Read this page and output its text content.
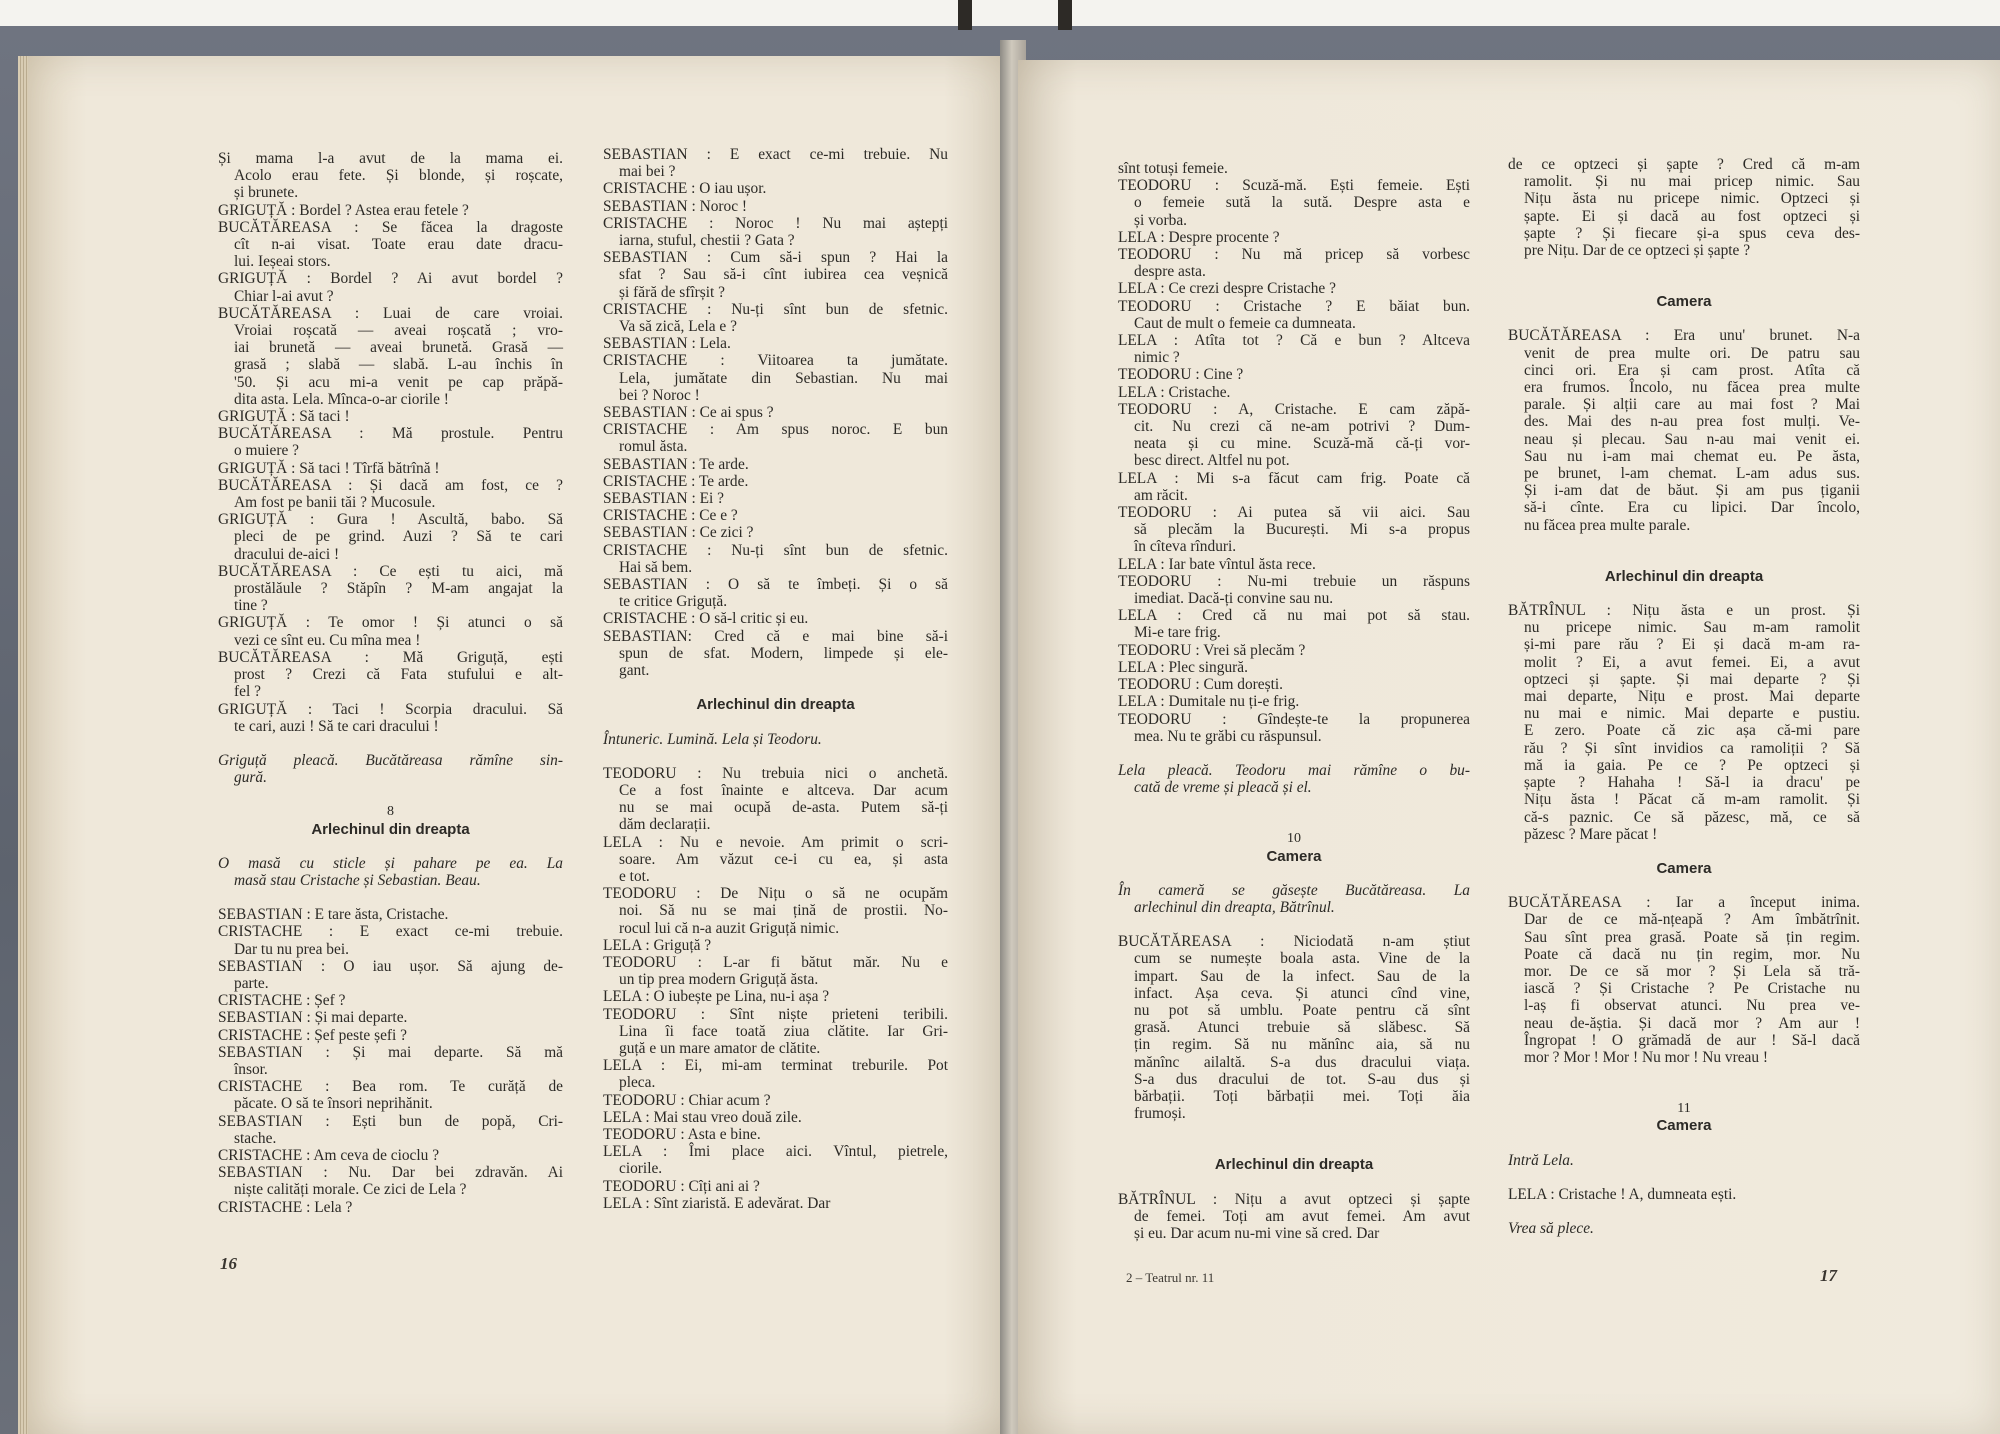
Și mama l-a avut de la mama ei.
Acolo erau fete. Și blonde, și roșcate,
și brunete.

GRIGUȚĂ : Bordel ? Astea erau fetele ?

BUCĂTĂREASA : Se făcea la dragoste
cît n-ai visat. Toate erau date dracu-
lui. Ieșeai stors.

GRIGUȚĂ : Bordel ? Ai avut bordel ?
Chiar l-ai avut ?

BUCĂTĂREASA : Luai de care vroiai.
Vroiai roșcată — aveai roșcată ; vro-
iai brunetă — aveai brunetă. Grasă —
grasă ; slabă — slabă. L-au închis în
'50. Și acu mi-a venit pe cap prăpă-
dita asta. Lela. Mînca-o-ar ciorile !

GRIGUȚĂ : Să taci !

BUCĂTĂREASA : Mă prostule. Pentru
o muiere ?

GRIGUȚĂ : Să taci ! Tîrfă bătrînă !

BUCĂTĂREASA : Și dacă am fost, ce ?
Am fost pe banii tăi ? Mucosule.

GRIGUȚĂ : Gura ! Ascultă, babo. Să
pleci de pe grind. Auzi ? Să te cari
dracului de-aici !

BUCĂTĂREASA : Ce ești tu aici, mă
prostălăule ? Stăpîn ? M-am angajat la
tine ?

GRIGUȚĂ : Te omor ! Și atunci o să
vezi ce sînt eu. Cu mîna mea !

BUCĂTĂREASA : Mă Griguță, ești
prost ? Crezi că Fata stufului e alt-
fel ?

GRIGUȚĂ : Taci ! Scorpia dracului. Să
te cari, auzi ! Să te cari dracului !

Griguță pleacă. Bucătăreasa rămîne sin-
gură.

8

Arlechinul din dreapta

O masă cu sticle și pahare pe ea. La
masă stau Cristache și Sebastian. Beau.

SEBASTIAN : E tare ăsta, Cristache.

CRISTACHE : E exact ce-mi trebuie.
Dar tu nu prea bei.

SEBASTIAN : O iau ușor. Să ajung de-
parte.

CRISTACHE : Șef ?

SEBASTIAN : Și mai departe.

CRISTACHE : Șef peste șefi ?

SEBASTIAN : Și mai departe. Să mă
însor.

CRISTACHE : Bea rom. Te curăță de
păcate. O să te însori neprihănit.

SEBASTIAN : Ești bun de popă, Cri-
stache.

CRISTACHE : Am ceva de cioclu ?

SEBASTIAN : Nu. Dar bei zdravăn. Ai
niște calități morale. Ce zici de Lela ?

CRISTACHE : Lela ?

SEBASTIAN : E exact ce-mi trebuie. Nu
mai bei ?

CRISTACHE : O iau ușor.

SEBASTIAN : Noroc !

CRISTACHE : Noroc ! Nu mai aștepți
iarna, stuful, chestii ? Gata ?

SEBASTIAN : Cum să-i spun ? Hai la
sfat ? Sau să-i cînt iubirea cea veșnică
și fără de sfîrșit ?

CRISTACHE : Nu-ți sînt bun de sfetnic.
Va să zică, Lela e ?

SEBASTIAN : Lela.

CRISTACHE : Viitoarea ta jumătate.
Lela, jumătate din Sebastian. Nu mai
bei ? Noroc !

SEBASTIAN : Ce ai spus ?

CRISTACHE : Am spus noroc. E bun
romul ăsta.

SEBASTIAN : Te arde.

CRISTACHE : Te arde.

SEBASTIAN : Ei ?

CRISTACHE : Ce e ?

SEBASTIAN : Ce zici ?

CRISTACHE : Nu-ți sînt bun de sfetnic.
Hai să bem.

SEBASTIAN : O să te îmbeți. Și o să
te critice Griguță.

CRISTACHE : O să-l critic și eu.

SEBASTIAN: Cred că e mai bine să-i
spun de sfat. Modern, limpede și ele-
gant.

Arlechinul din dreapta

Întuneric. Lumină. Lela și Teodoru.

TEODORU : Nu trebuia nici o anchetă.
Ce a fost înainte e altceva. Dar acum
nu se mai ocupă de-asta. Putem să-ți
dăm declarații.

LELA : Nu e nevoie. Am primit o scri-
soare. Am văzut ce-i cu ea, și asta
e tot.

TEODORU : De Nițu o să ne ocupăm
noi. Să nu se mai țină de prostii. No-
rocul lui că n-a auzit Griguță nimic.

LELA : Griguță ?

TEODORU : L-ar fi bătut măr. Nu e
un tip prea modern Griguță ăsta.

LELA : O iubește pe Lina, nu-i așa ?

TEODORU : Sînt niște prieteni teribili.
Lina îi face toată ziua clătite. Iar Gri-
guță e un mare amator de clătite.

LELA : Ei, mi-am terminat treburile. Pot
pleca.

TEODORU : Chiar acum ?

LELA : Mai stau vreo două zile.

TEODORU : Asta e bine.

LELA : Îmi place aici. Vîntul, pietrele,
ciorile.

TEODORU : Cîți ani ai ?

LELA : Sînt ziaristă. E adevărat. Dar

16

sînt totuși femeie.

TEODORU : Scuză-mă. Ești femeie. Ești
o femeie sută la sută. Despre asta e
și vorba.

LELA : Despre procente ?

TEODORU : Nu mă pricep să vorbesc
despre asta.

LELA : Ce crezi despre Cristache ?

TEODORU : Cristache ? E băiat bun.
Caut de mult o femeie ca dumneata.

LELA : Atîta tot ? Că e bun ? Altceva
nimic ?

TEODORU : Cine ?

LELA : Cristache.

TEODORU : A, Cristache. E cam zăpă-
cit. Nu crezi că ne-am potrivi ? Dum-
neata și cu mine. Scuză-mă că-ți vor-
besc direct. Altfel nu pot.

LELA : Mi s-a făcut cam frig. Poate că
am răcit.

TEODORU : Ai putea să vii aici. Sau
să plecăm la București. Mi s-a propus
în cîteva rînduri.

LELA : Iar bate vîntul ăsta rece.

TEODORU : Nu-mi trebuie un răspuns
imediat. Dacă-ți convine sau nu.

LELA : Cred că nu mai pot să stau.
Mi-e tare frig.

TEODORU : Vrei să plecăm ?

LELA : Plec singură.

TEODORU : Cum dorești.

LELA : Dumitale nu ți-e frig.

TEODORU : Gîndește-te la propunerea
mea. Nu te grăbi cu răspunsul.

Lela pleacă. Teodoru mai rămîne o bu-
cată de vreme și pleacă și el.

10

Camera

În cameră se găsește Bucătăreasa. La
arlechinul din dreapta, Bătrînul.

BUCĂTĂREASA : Niciodată n-am știut
cum se numește boala asta. Vine de la
impart. Sau de la infect. Sau de la
infact. Așa ceva. Și atunci cînd vine,
nu pot să umblu. Poate pentru că sînt
grasă. Atunci trebuie să slăbesc. Să
țin regim. Să nu mănînc aia, să nu
mănînc ailaltă. S-a dus dracului viața.
S-a dus dracului de tot. S-au dus și
bărbații. Toți bărbații mei. Toți ăia
frumoși.

Arlechinul din dreapta

BĂTRÎNUL : Nițu a avut optzeci și șapte
de femei. Toți am avut femei. Am avut
și eu. Dar acum nu-mi vine să cred. Dar

de ce optzeci și șapte ? Cred că m-am
ramolit. Și nu mai pricep nimic. Sau
Nițu ăsta nu pricepe nimic. Optzeci și
șapte. Ei și dacă au fost optzeci și
șapte ? Și fiecare și-a spus ceva des-
pre Nițu. Dar de ce optzeci și șapte ?

Camera

BUCĂTĂREASA : Era unu' brunet. N-a
venit de prea multe ori. De patru sau
cinci ori. Era și cam prost. Atîta că
era frumos. Încolo, nu făcea prea multe
parale. Și alții care au mai fost ? Mai
des. Mai des n-au prea fost mulți. Ve-
neau și plecau. Sau n-au mai venit ei.
Sau nu i-am mai chemat eu. Pe ăsta,
pe brunet, l-am chemat. L-am adus sus.
Și i-am dat de băut. Și am pus țiganii
să-i cînte. Era cu lipici. Dar încolo,
nu făcea prea multe parale.

Arlechinul din dreapta

BĂTRÎNUL : Nițu ăsta e un prost. Și
nu pricepe nimic. Sau m-am ramolit
și-mi pare rău ? Ei și dacă m-am ra-
molit ? Ei, a avut femei. Ei, a avut
optzeci și șapte. Și mai departe ? Și
mai departe, Nițu e prost. Mai departe
nu mai e nimic. Mai departe e pustiu.
E zero. Poate că zic așa că-mi pare
rău ? Și sînt invidios ca ramoliții ? Să
mă ia gaia. Pe ce ? Pe optzeci și
șapte ? Hahaha ! Să-l ia dracu' pe
Nițu ăsta ! Păcat că m-am ramolit. Și
că-s paznic. Ce să păzesc, mă, ce să
păzesc ? Mare păcat !

Camera

BUCĂTĂREASA : Iar a început inima.
Dar de ce mă-nțeapă ? Am îmbătrînit.
Sau sînt prea grasă. Poate să țin regim.
Poate că dacă nu țin regim, mor. Nu
mor. De ce să mor ? Și Lela să tră-
iască ? Și Cristache ? Pe Cristache nu
l-aș fi observat atunci. Nu prea ve-
neau de-ăștia. Și dacă mor ? Am aur !
Îngropat ! O grămadă de aur ! Să-l dacă
mor ? Mor ! Mor ! Nu mor ! Nu vreau !

11

Camera

Intră Lela.

LELA : Cristache ! A, dumneata ești.

Vrea să plece.

2 – Teatrul nr. 11	17
